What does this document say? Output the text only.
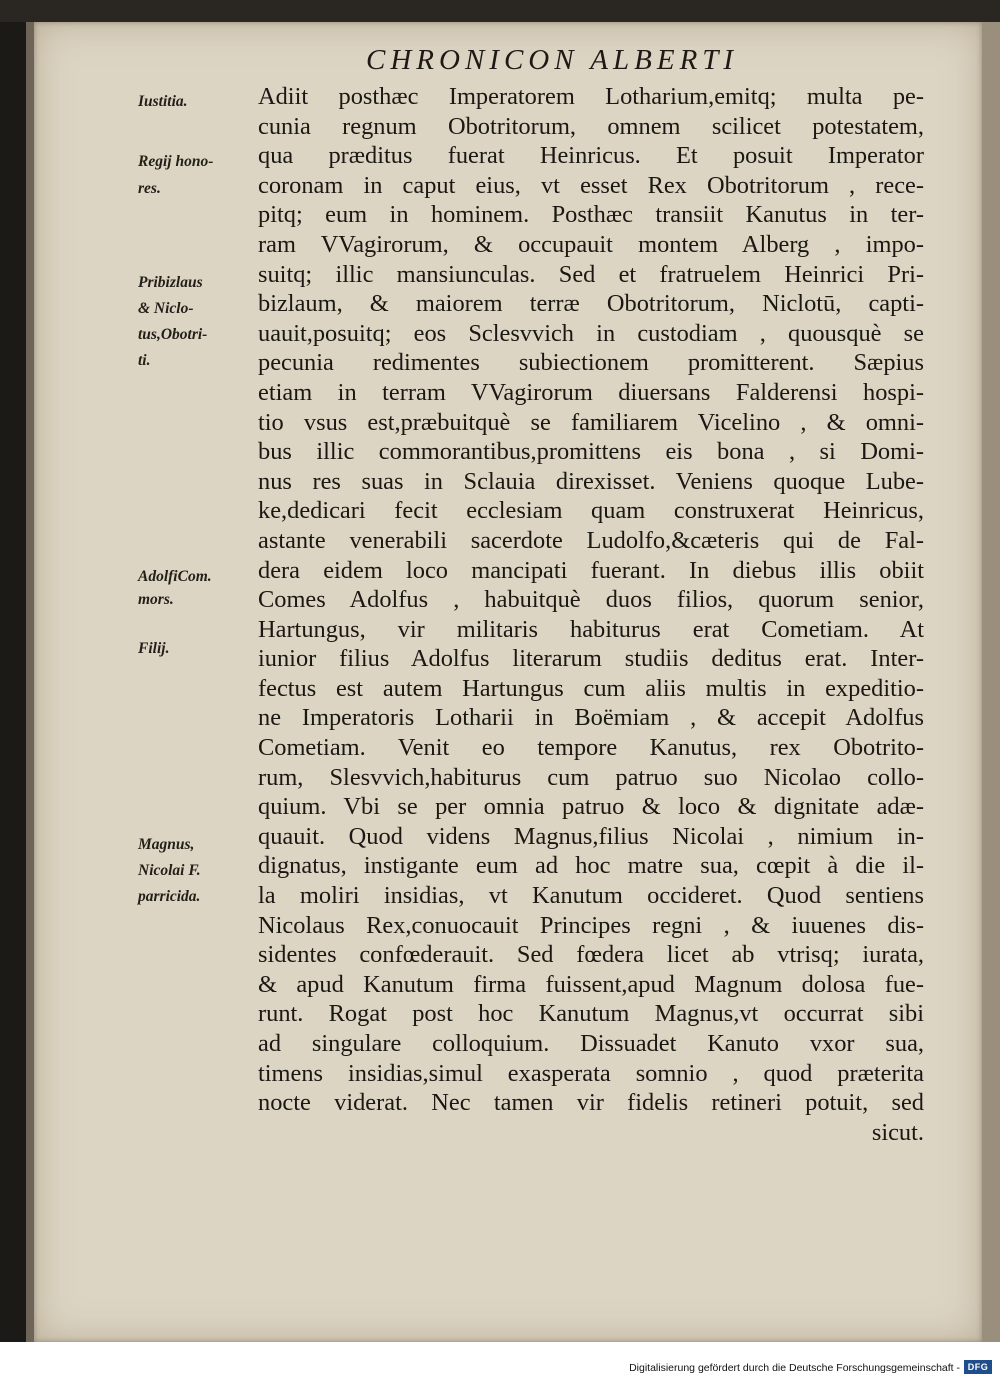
CHRONICON ALBERTI
Iustitia.
Regij hono-
res.
Pribizlaus
& Niclo-
tus,Obotri-
ti.
AdolfiCom.
mors.
Filij.
Magnus,
Nicolai F.
parricida.
Adiit posthæc Imperatorem Lotharium,emitq; multa pe-
cunia regnum Obotritorum, omnem scilicet potestatem,
qua præditus fuerat Heinricus. Et posuit Imperator
coronam in caput eius, vt esset Rex Obotritorum , rece-
pitq; eum in hominem. Posthæc transiit Kanutus in ter-
ram VVagirorum, & occupauit montem Alberg , impo-
suitq; illic mansiunculas. Sed et fratruelem Heinrici Pri-
bizlaum, & maiorem terræ Obotritorum, Niclotū, capti-
uauit,posuitq; eos Sclesvvich in custodiam , quousquè se
pecunia redimentes subiectionem promitterent. Sæpius
etiam in terram VVagirorum diuersans Falderensi hospi-
tio vsus est,præbuitquè se familiarem Vicelino , & omni-
bus illic commorantibus,promittens eis bona , si Domi-
nus res suas in Sclauia direxisset. Veniens quoque Lube-
ke,dedicari fecit ecclesiam quam construxerat Heinricus,
astante venerabili sacerdote Ludolfo,&cæteris qui de Fal-
dera eidem loco mancipati fuerant. In diebus illis obiit
Comes Adolfus , habuitquè duos filios, quorum senior,
Hartungus, vir militaris habiturus erat Cometiam. At
iunior filius Adolfus literarum studiis deditus erat. Inter-
fectus est autem Hartungus cum aliis multis in expeditio-
ne Imperatoris Lotharii in Boëmiam , & accepit Adolfus
Cometiam. Venit eo tempore Kanutus, rex Obotrito-
rum, Slesvvich,habiturus cum patruo suo Nicolao collo-
quium. Vbi se per omnia patruo & loco & dignitate adæ-
quauit. Quod videns Magnus,filius Nicolai , nimium in-
dignatus, instigante eum ad hoc matre sua, cœpit à die il-
la moliri insidias, vt Kanutum occideret. Quod sentiens
Nicolaus Rex,conuocauit Principes regni , & iuuenes dis-
sidentes confœderauit. Sed fœdera licet ab vtrisq; iurata,
& apud Kanutum firma fuissent,apud Magnum dolosa fue-
runt. Rogat post hoc Kanutum Magnus,vt occurrat sibi
ad singulare colloquium. Dissuadet Kanuto vxor sua,
timens insidias,simul exasperata somnio , quod præterita
nocte viderat. Nec tamen vir fidelis retineri potuit, sed
sicut.
Digitalisierung gefördert durch die Deutsche Forschungsgemeinschaft - DFG
